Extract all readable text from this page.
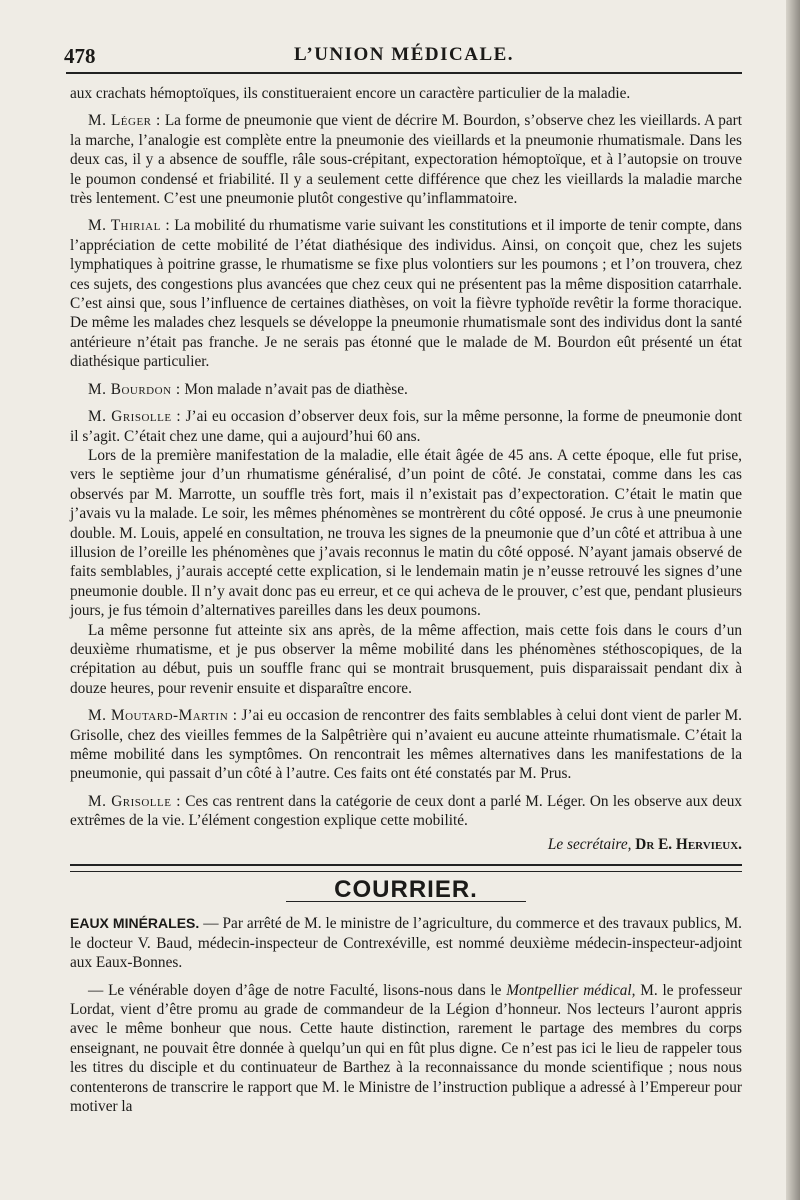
478	L’UNION MÉDICALE.

aux crachats hémoptoïques, ils constitueraient encore un caractère particulier de la maladie.

M. Léger : La forme de pneumonie que vient de décrire M. Bourdon, s’observe chez les vieillards. A part la marche, l’analogie est complète entre la pneumonie des vieillards et la pneumonie rhumatismale. Dans les deux cas, il y a absence de souffle, râle sous-crépitant, expectoration hémoptoïque, et à l’autopsie on trouve le poumon condensé et friabilité. Il y a seulement cette différence que chez les vieillards la maladie marche très lentement. C’est une pneumonie plutôt congestive qu’inflammatoire.

M. Thirial : La mobilité du rhumatisme varie suivant les constitutions et il importe de tenir compte, dans l’appréciation de cette mobilité de l’état diathésique des individus. Ainsi, on conçoit que, chez les sujets lymphatiques à poitrine grasse, le rhumatisme se fixe plus volontiers sur les poumons ; et l’on trouvera, chez ces sujets, des congestions plus avancées que chez ceux qui ne présentent pas la même disposition catarrhale. C’est ainsi que, sous l’influence de certaines diathèses, on voit la fièvre typhoïde revêtir la forme thoracique. De même les malades chez lesquels se développe la pneumonie rhumatismale sont des individus dont la santé antérieure n’était pas franche. Je ne serais pas étonné que le malade de M. Bourdon eût présenté un état diathésique particulier.

M. Bourdon : Mon malade n’avait pas de diathèse.

M. Grisolle : J’ai eu occasion d’observer deux fois, sur la même personne, la forme de pneumonie dont il s’agit. C’était chez une dame, qui a aujourd’hui 60 ans.

Lors de la première manifestation de la maladie, elle était âgée de 45 ans. A cette époque, elle fut prise, vers le septième jour d’un rhumatisme généralisé, d’un point de côté. Je constatai, comme dans les cas observés par M. Marrotte, un souffle très fort, mais il n’existait pas d’expectoration. C’était le matin que j’avais vu la malade. Le soir, les mêmes phénomènes se montrèrent du côté opposé. Je crus à une pneumonie double. M. Louis, appelé en consultation, ne trouva les signes de la pneumonie que d’un côté et attribua à une illusion de l’oreille les phénomènes que j’avais reconnus le matin du côté opposé. N’ayant jamais observé de faits semblables, j’aurais accepté cette explication, si le lendemain matin je n’eusse retrouvé les signes d’une pneumonie double. Il n’y avait donc pas eu erreur, et ce qui acheva de le prouver, c’est que, pendant plusieurs jours, je fus témoin d’alternatives pareilles dans les deux poumons.

La même personne fut atteinte six ans après, de la même affection, mais cette fois dans le cours d’un deuxième rhumatisme, et je pus observer la même mobilité dans les phénomènes stéthoscopiques, de la crépitation au début, puis un souffle franc qui se montrait brusquement, puis disparaissait pendant dix à douze heures, pour revenir ensuite et disparaître encore.

M. Moutard-Martin : J’ai eu occasion de rencontrer des faits semblables à celui dont vient de parler M. Grisolle, chez des vieilles femmes de la Salpêtrière qui n’avaient eu aucune atteinte rhumatismale. C’était la même mobilité dans les symptômes. On rencontrait les mêmes alternatives dans les manifestations de la pneumonie, qui passait d’un côté à l’autre. Ces faits ont été constatés par M. Prus.

M. Grisolle : Ces cas rentrent dans la catégorie de ceux dont a parlé M. Léger. On les observe aux deux extrêmes de la vie. L’élément congestion explique cette mobilité.

Le secrétaire, Dr E. Hervieux.

COURRIER.

EAUX MINÉRALES. — Par arrêté de M. le ministre de l’agriculture, du commerce et des travaux publics, M. le docteur V. Baud, médecin-inspecteur de Contrexéville, est nommé deuxième médecin-inspecteur-adjoint aux Eaux-Bonnes.

— Le vénérable doyen d’âge de notre Faculté, lisons-nous dans le Montpellier médical, M. le professeur Lordat, vient d’être promu au grade de commandeur de la Légion d’honneur. Nos lecteurs l’auront appris avec le même bonheur que nous. Cette haute distinction, rarement le partage des membres du corps enseignant, ne pouvait être donnée à quelqu’un qui en fût plus digne. Ce n’est pas ici le lieu de rappeler tous les titres du disciple et du continuateur de Barthez à la reconnaissance du monde scientifique ; nous nous contenterons de transcrire le rapport que M. le Ministre de l’instruction publique a adressé à l’Empereur pour motiver la
